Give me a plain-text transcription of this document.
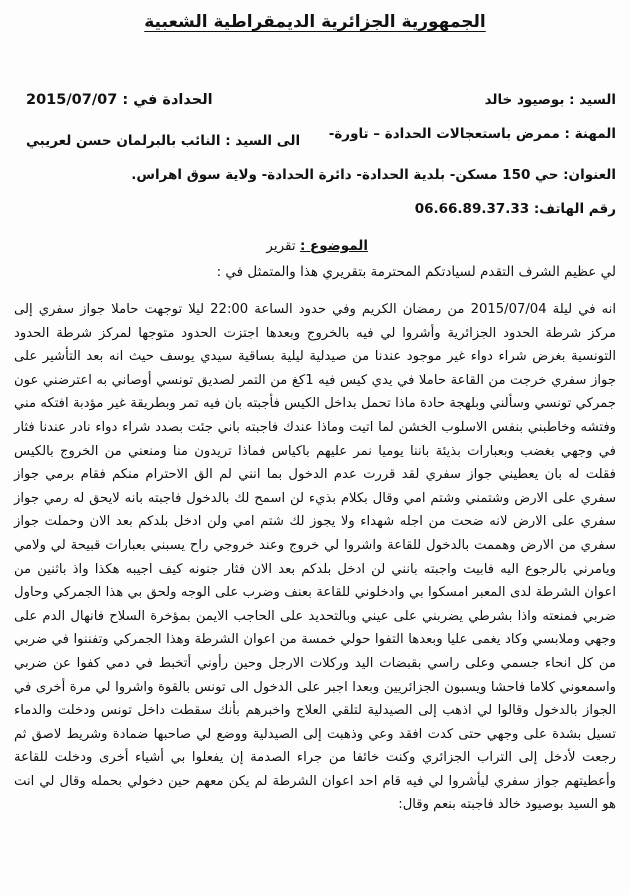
الجمهورية الجزائرية الديمقراطية الشعبية
السيد : بوصيود خالد
الحدادة في : 2015/07/07
المهنة : ممرض باستعجالات الحدادة – تاورة-
الى السيد : النائب بالبرلمان حسن لعريبي
العنوان: حي 150 مسكن- بلدية الحدادة- دائرة الحدادة- ولاية سوق اهراس.
رقم الهاتف: 06.66.89.37.33
الموضوع : تقرير
لي عظيم الشرف التقدم لسيادتكم المحترمة بتقريري هذا والمتمثل في :

انه في ليلة 2015/07/04 من رمضان الكريم وفي حدود الساعة 22:00 ليلا توجهت حاملا جواز سفري إلى مركز شرطة الحدود الجزائرية وأشروا لي فيه بالخروج وبعدها اجتزت الحدود متوجها لمركز شرطة الحدود التونسية بغرض شراء دواء غير موجود عندنا من صيدلية ليلية بساقية سيدي يوسف حيث انه بعد التأشير على جواز سفري خرجت من القاعة حاملا في يدي كيس فيه 1كغ من التمر لصديق تونسي أوصاني به اعترضني عون جمركي تونسي وسألني وبلهجة حادة ماذا تحمل بداخل الكيس فأجبته بان فيه تمر وبطريقة غير مؤدبة افتكه مني وفتشه وخاطبني بنفس الاسلوب الخشن لما اتيت وماذا عندك فاجبته باني جئت بصدد شراء دواء نادر عندنا فثار في وجهي بغضب وبعبارات بذيئة باننا يوميا نمر عليهم باكياس فماذا تريدون منا ومنعني من الخروج بالكيس فقلت له بان يعطيني جواز سفري لقد قررت عدم الدخول بما انني لم الق الاحترام منكم فقام برمي جواز سفري على الارض وشتمني وشتم امي وقال بكلام بذيء لن اسمح لك بالدخول فاجبته بانه لايحق له رمي جواز سفري على الارض لانه ضحت من اجله شهداء ولا يجوز لك شتم امي ولن ادخل بلدكم بعد الان وحملت جواز سفري من الارض وهممت بالدخول للقاعة واشروا لي خروج وعند خروجي راح يسبني بعبارات قبيحة لي ولامي ويامرني بالرجوع اليه فابيت واجبته بانني لن ادخل بلدكم بعد الان فثار جنونه كيف اجيبه هكذا واذ باثنين من اعوان الشرطة لدى المعبر امسكوا بي وادخلوني للقاعة بعنف وضرب على الوجه ولحق بي هذا الجمركي وحاول ضربي فمنعته واذا بشرطي يضربني على عيني وبالتحديد على الحاجب الايمن بمؤخرة السلاح فانهال الدم على وجهي وملابسي وكاد يغمى عليا وبعدها التفوا حولي خمسة من اعوان الشرطة وهذا الجمركي وتفننوا في ضربي من كل انحاء جسمي وعلى راسي بقبضات اليد وركلات الارجل وحين رأوني أتخبط في دمي كفوا عن ضربي واسمعوني كلاما فاحشا ويسبون الجزائريين وبعدا اجبر على الدخول الى تونس بالقوة واشروا لي مرة أخرى في الجواز بالدخول وقالوا لي اذهب إلى الصيدلية لتلقي العلاج واخبرهم بأنك سقطت داخل تونس ودخلت والدماء تسيل بشدة على وجهي حتى كدت افقد وعي وذهبت إلى الصيدلية ووضع لي صاحبها ضمادة وشريط لاصق ثم رجعت لأدخل إلى التراب الجزائري وكنت خائفا من جراء الصدمة إن يفعلوا بي أشياء أخرى ودخلت للقاعة وأعطيتهم جواز سفري ليأشروا لي فيه قام احد اعوان الشرطة لم يكن معهم حين دخولي بحمله وقال لي انت هو السيد بوصيود خالد فاجبته بنعم وقال:
